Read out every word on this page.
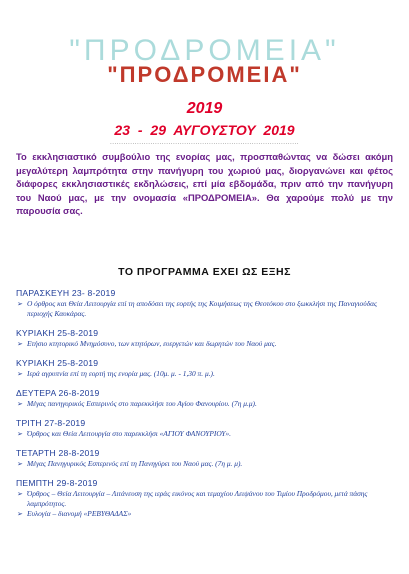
"ΠΡΟΔΡΟΜΕΙΑ"
"ΠΡΟΔΡΟΜΕΙΑ"
2019
23 - 29 ΑΥΓΟΥΣΤΟΥ 2019
....................................................................................
Το εκκλησιαστικό συμβούλιο της ενορίας μας, προσπαθώντας να δώσει ακόμη μεγαλύτερη λαμπρότητα στην πανήγυρη του χωριού μας, διοργανώνει και φέτος διάφορες εκκλησιαστικές εκδηλώσεις, επί μία εβδομάδα, πριν από την πανήγυρη του Ναού μας, με την ονομασία «ΠΡΟΔΡΟΜΕΙΑ». Θα χαρούμε πολύ με την παρουσία σας.
ΤΟ ΠΡΟΓΡΑΜΜΑ ΕΧΕΙ ΩΣ ΕΞΗΣ
ΠΑΡΑΣΚΕΥΗ 23- 8-2019
➢ Ο όρθρος και Θεία Λειτουργία επί τη αποδόσει της εορτής της Κοιμήσεως της Θεοτόκου στο ξωκκλήσι της Παναγιούδας περιοχής Καυκάρας.
ΚΥΡΙΑΚΗ 25-8-2019
➢ Ετήσιο κτητορικό Μνημόσυνο, των κτητόρων, ευεργετών και δωρητών του Ναού μας.
ΚΥΡΙΑΚΗ 25-8-2019
➢ Ιερά αγρυπνία επί τη εορτή της ενορία μας. (10μ. μ. - 1,30 π. μ.).
ΔΕΥΤΕΡΑ 26-8-2019
➢ Μέγας πανηγυρικός Εσπερινός στο παρεκκλήσι του Αγίου Φανουρίου. (7η μ.μ).
ΤΡΙΤΗ 27-8-2019
➢ Όρθρος και Θεία Λειτουργία στο παρεκκλήσι «ΑΓΙΟΥ ΦΑΝΟΥΡΙΟΥ».
ΤΕΤΑΡΤΗ 28-8-2019
➢ Μέγας Πανηγυρικός Εσπερινός επί τη Πανηγύρει του Ναού μας. (7η μ. μ).
ΠΕΜΠΤΗ 29-8-2019
➢ Όρθρος – Θεία Λειτουργία – Λιτάνευση της ιεράς εικόνος και τεμαχίου Λειψάνου του Τιμίου Προδρόμου, μετά πάσης λαμπρότητος.
➢ Ευλογία – διανομή «ΡΕΒΥΘΑΔΑΣ»
